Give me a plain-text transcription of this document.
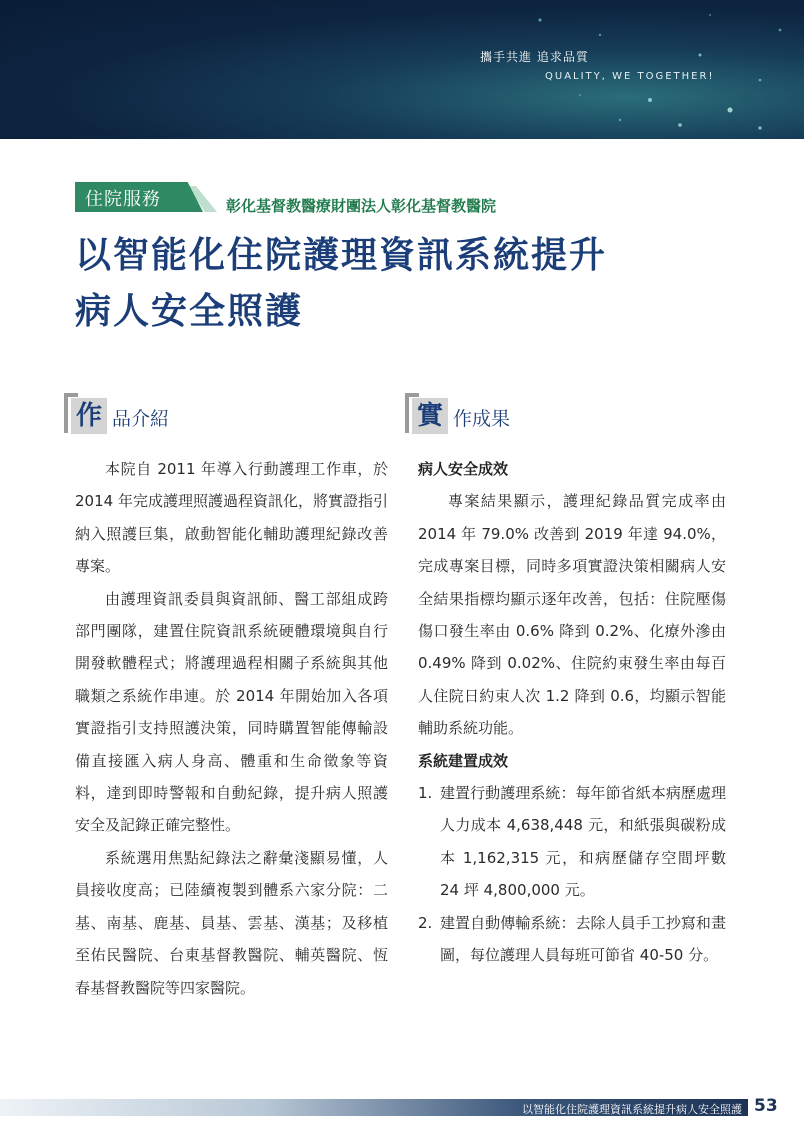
攜手共進 追求品質
QUALITY, WE TOGETHER!
住院服務	彰化基督教醫療財團法人彰化基督教醫院
以智能化住院護理資訊系統提升
病人安全照護
作 品介紹

本院自 2011 年導入行動護理工作車，於 2014 年完成護理照護過程資訊化，將實證指引納入照護巨集，啟動智能化輔助護理紀錄改善專案。

由護理資訊委員與資訊師、醫工部組成跨部門團隊，建置住院資訊系統硬體環境與自行開發軟體程式；將護理過程相關子系統與其他職類之系統作串連。於 2014 年開始加入各項實證指引支持照護決策，同時購置智能傳輸設備直接匯入病人身高、體重和生命徵象等資料，達到即時警報和自動紀錄，提升病人照護安全及記錄正確完整性。

系統選用焦點紀錄法之辭彙淺顯易懂，人員接收度高；已陸續複製到體系六家分院：二基、南基、鹿基、員基、雲基、漢基；及移植至佑民醫院、台東基督教醫院、輔英醫院、恆春基督教醫院等四家醫院。

實 作成果
病人安全成效

專案結果顯示，護理紀錄品質完成率由 2014 年 79.0% 改善到 2019 年達 94.0%，完成專案目標，同時多項實證決策相關病人安全結果指標均顯示逐年改善，包括：住院壓傷傷口發生率由 0.6% 降到 0.2%、化療外滲由 0.49% 降到 0.02%、住院約束發生率由每百人住院日約束人次 1.2 降到 0.6，均顯示智能輔助系統功能。

系統建置成效
1. 建置行動護理系統：每年節省紙本病歷處理人力成本 4,638,448 元，和紙張與碳粉成本 1,162,315 元，和病歷儲存空間坪數 24 坪 4,800,000 元。
2. 建置自動傳輸系統：去除人員手工抄寫和畫圖，每位護理人員每班可節省 40-50 分。
以智能化住院護理資訊系統提升病人安全照護 53
